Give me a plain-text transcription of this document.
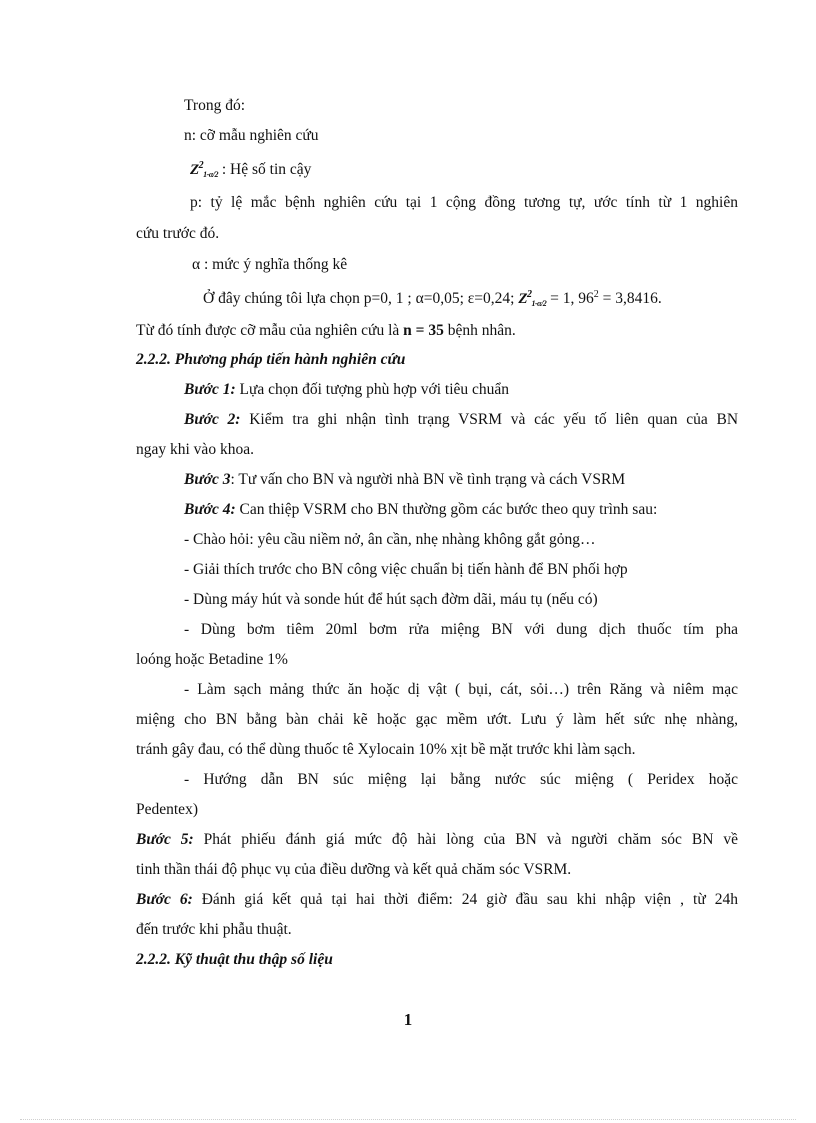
Trong đó:
n: cỡ mẫu nghiên cứu
$Z^2_{1-\alpha/2}$ : Hệ số tin cậy
p: tỷ lệ mắc bệnh nghiên cứu tại 1 cộng đồng tương tự, ước tính từ 1 nghiên
cứu trước đó.
α : mức ý nghĩa thống kê
Ở đây chúng tôi lựa chọn p=0, 1 ; α=0,05; ε=0,24; $Z^2_{1-\alpha/2} = 1$, $96^2 = 3,8416$.
Từ đó tính được cỡ mẫu của nghiên cứu là n = 35 bệnh nhân.
2.2.2. Phương pháp tiến hành nghiên cứu
Bước 1: Lựa chọn đối tượng phù hợp với tiêu chuẩn
Bước 2: Kiểm tra ghi nhận tình trạng VSRM và các yếu tố liên quan của BN
ngay khi vào khoa.
Bước 3: Tư vấn cho BN và người nhà BN về tình trạng và cách VSRM
Bước 4: Can thiệp VSRM cho BN thường gồm các bước theo quy trình sau:
- Chào hỏi: yêu cầu niềm nở, ân cần, nhẹ nhàng không gắt gỏng…
- Giải thích trước cho BN công việc chuẩn bị tiến hành để BN phối hợp
- Dùng máy hút và sonde hút để hút sạch đờm dãi, máu tụ (nếu có)
- Dùng bơm tiêm 20ml bơm rửa miệng BN với dung dịch thuốc tím pha
loóng hoặc Betadine 1%
- Làm sạch mảng thức ăn hoặc dị vật ( bụi, cát, sỏi…) trên Răng và niêm mạc
miệng cho BN bằng bàn chải kẽ hoặc gạc mềm ướt. Lưu ý làm hết sức nhẹ nhàng,
tránh gây đau, có thể dùng thuốc tê Xylocain 10% xịt bề mặt trước khi làm sạch.
- Hướng dẫn BN súc miệng lại bằng nước súc miệng ( Peridex hoặc
Pedentex)
Bước 5: Phát phiếu đánh giá mức độ hài lòng của BN và người chăm sóc BN về
tinh thần thái độ phục vụ của điều dưỡng và kết quả chăm sóc VSRM.
Bước 6: Đánh giá kết quả tại hai thời điểm: 24 giờ đầu sau khi nhập viện , từ 24h
đến trước khi phẫu thuật.
2.2.2. Kỹ thuật thu thập số liệu
1
